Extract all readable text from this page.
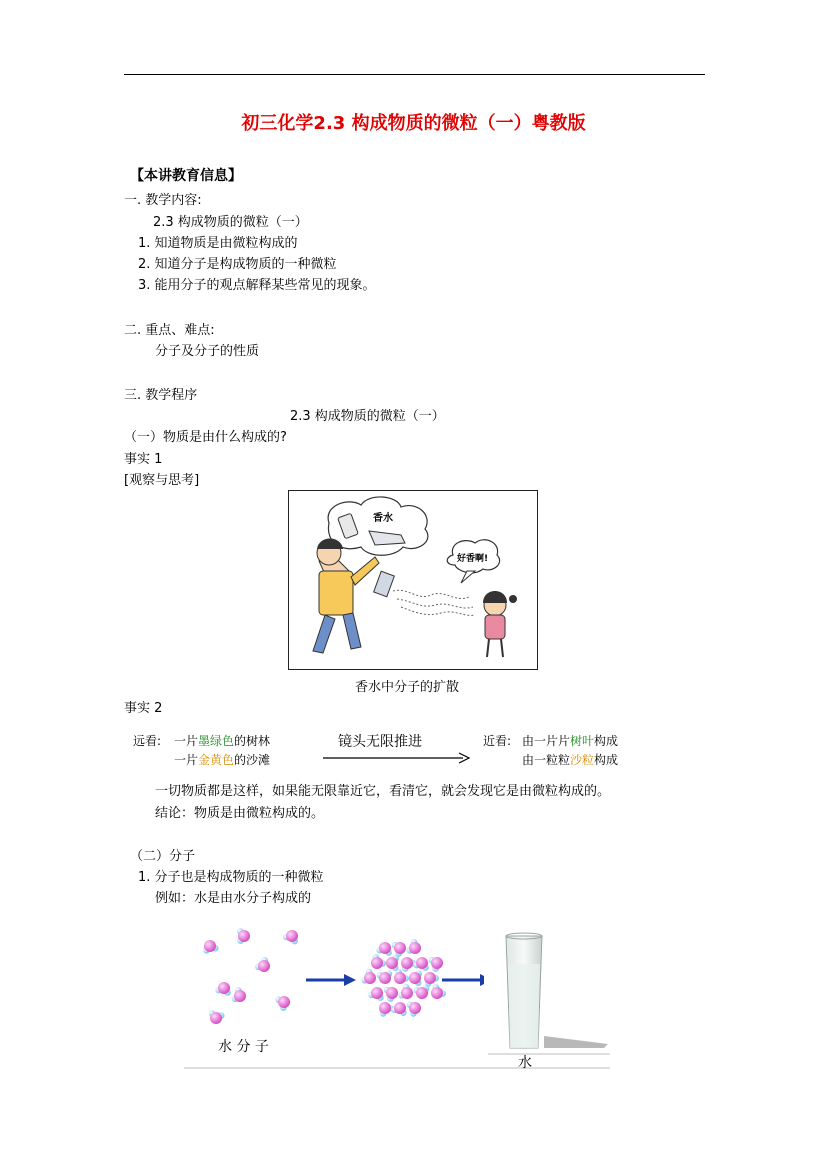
初三化学2.3 构成物质的微粒（一）粤教版
【本讲教育信息】
一. 教学内容:
2.3 构成物质的微粒（一）
1. 知道物质是由微粒构成的
2. 知道分子是构成物质的一种微粒
3. 能用分子的观点解释某些常见的现象。
二. 重点、难点:
分子及分子的性质
三. 教学程序
2.3 构成物质的微粒（一）
（一）物质是由什么构成的?
事实 1
[观察与思考]
香水
好香啊!
香水中分子的扩散
事实 2
远看: 一片墨绿色的树林
一片金黄色的沙滩
镜头无限推进	近看: 由一片片树叶构成
由一粒粒沙粒构成
一切物质都是这样，如果能无限靠近它，看清它，就会发现它是由微粒构成的。
结论：物质是由微粒构成的。
（二）分子
1. 分子也是构成物质的一种微粒
例如：水是由水分子构成的
水 分 子
水
